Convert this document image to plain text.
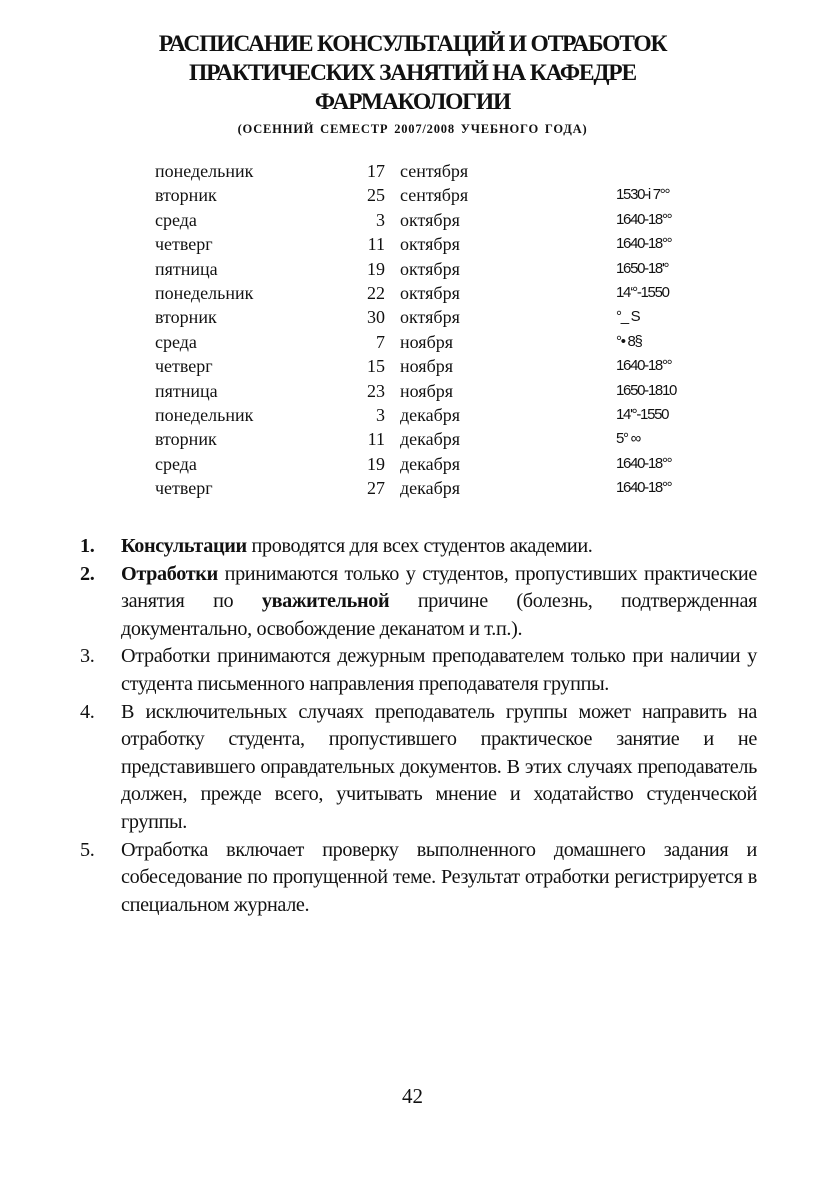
РАСПИСАНИЕ КОНСУЛЬТАЦИЙ И ОТРАБОТОК
ПРАКТИЧЕСКИХ ЗАНЯТИЙ НА КАФЕДРЕ
ФАРМАКОЛОГИИ
(ОСЕННИЙ СЕМЕСТР 2007/2008 УЧЕБНОГО ГОДА)
понедельник	17 сентября
вторник	25 сентября	1530-i 7°°
среда	3 октября	1640-18°°
четверг	11 октября	1640-18°°
пятница	19 октября	1650-18'°
понедельник	22 октября	14‘°-1550
вторник	30 октября	°_ S
среда	7 ноября	°• 8§
четверг	15 ноября	1640-18°°
пятница	23 ноября	1650-1810
понедельник	3 декабря	14'°-1550
вторник	11 декабря	5° ∞
среда	19 декабря	1640-18°°
четверг	27 декабря	1640-18°°
1. Консультации проводятся для всех студентов академии.
2. Отработки принимаются только у студентов, пропустивших практические занятия по уважительной причине (болезнь, подтвержденная документально, освобождение деканатом и т.п.).
3. Отработки принимаются дежурным преподавателем только при наличии у студента письменного направления преподавателя группы.
4. В исключительных случаях преподаватель группы может направить на отработку студента, пропустившего практическое занятие и не представившего оправдательных документов. В этих случаях преподаватель должен, прежде всего, учитывать мнение и ходатайство студенческой группы.
5. Отработка включает проверку выполненного домашнего задания и собеседование по пропущенной теме. Результат отработки регистрируется в специальном журнале.
42
